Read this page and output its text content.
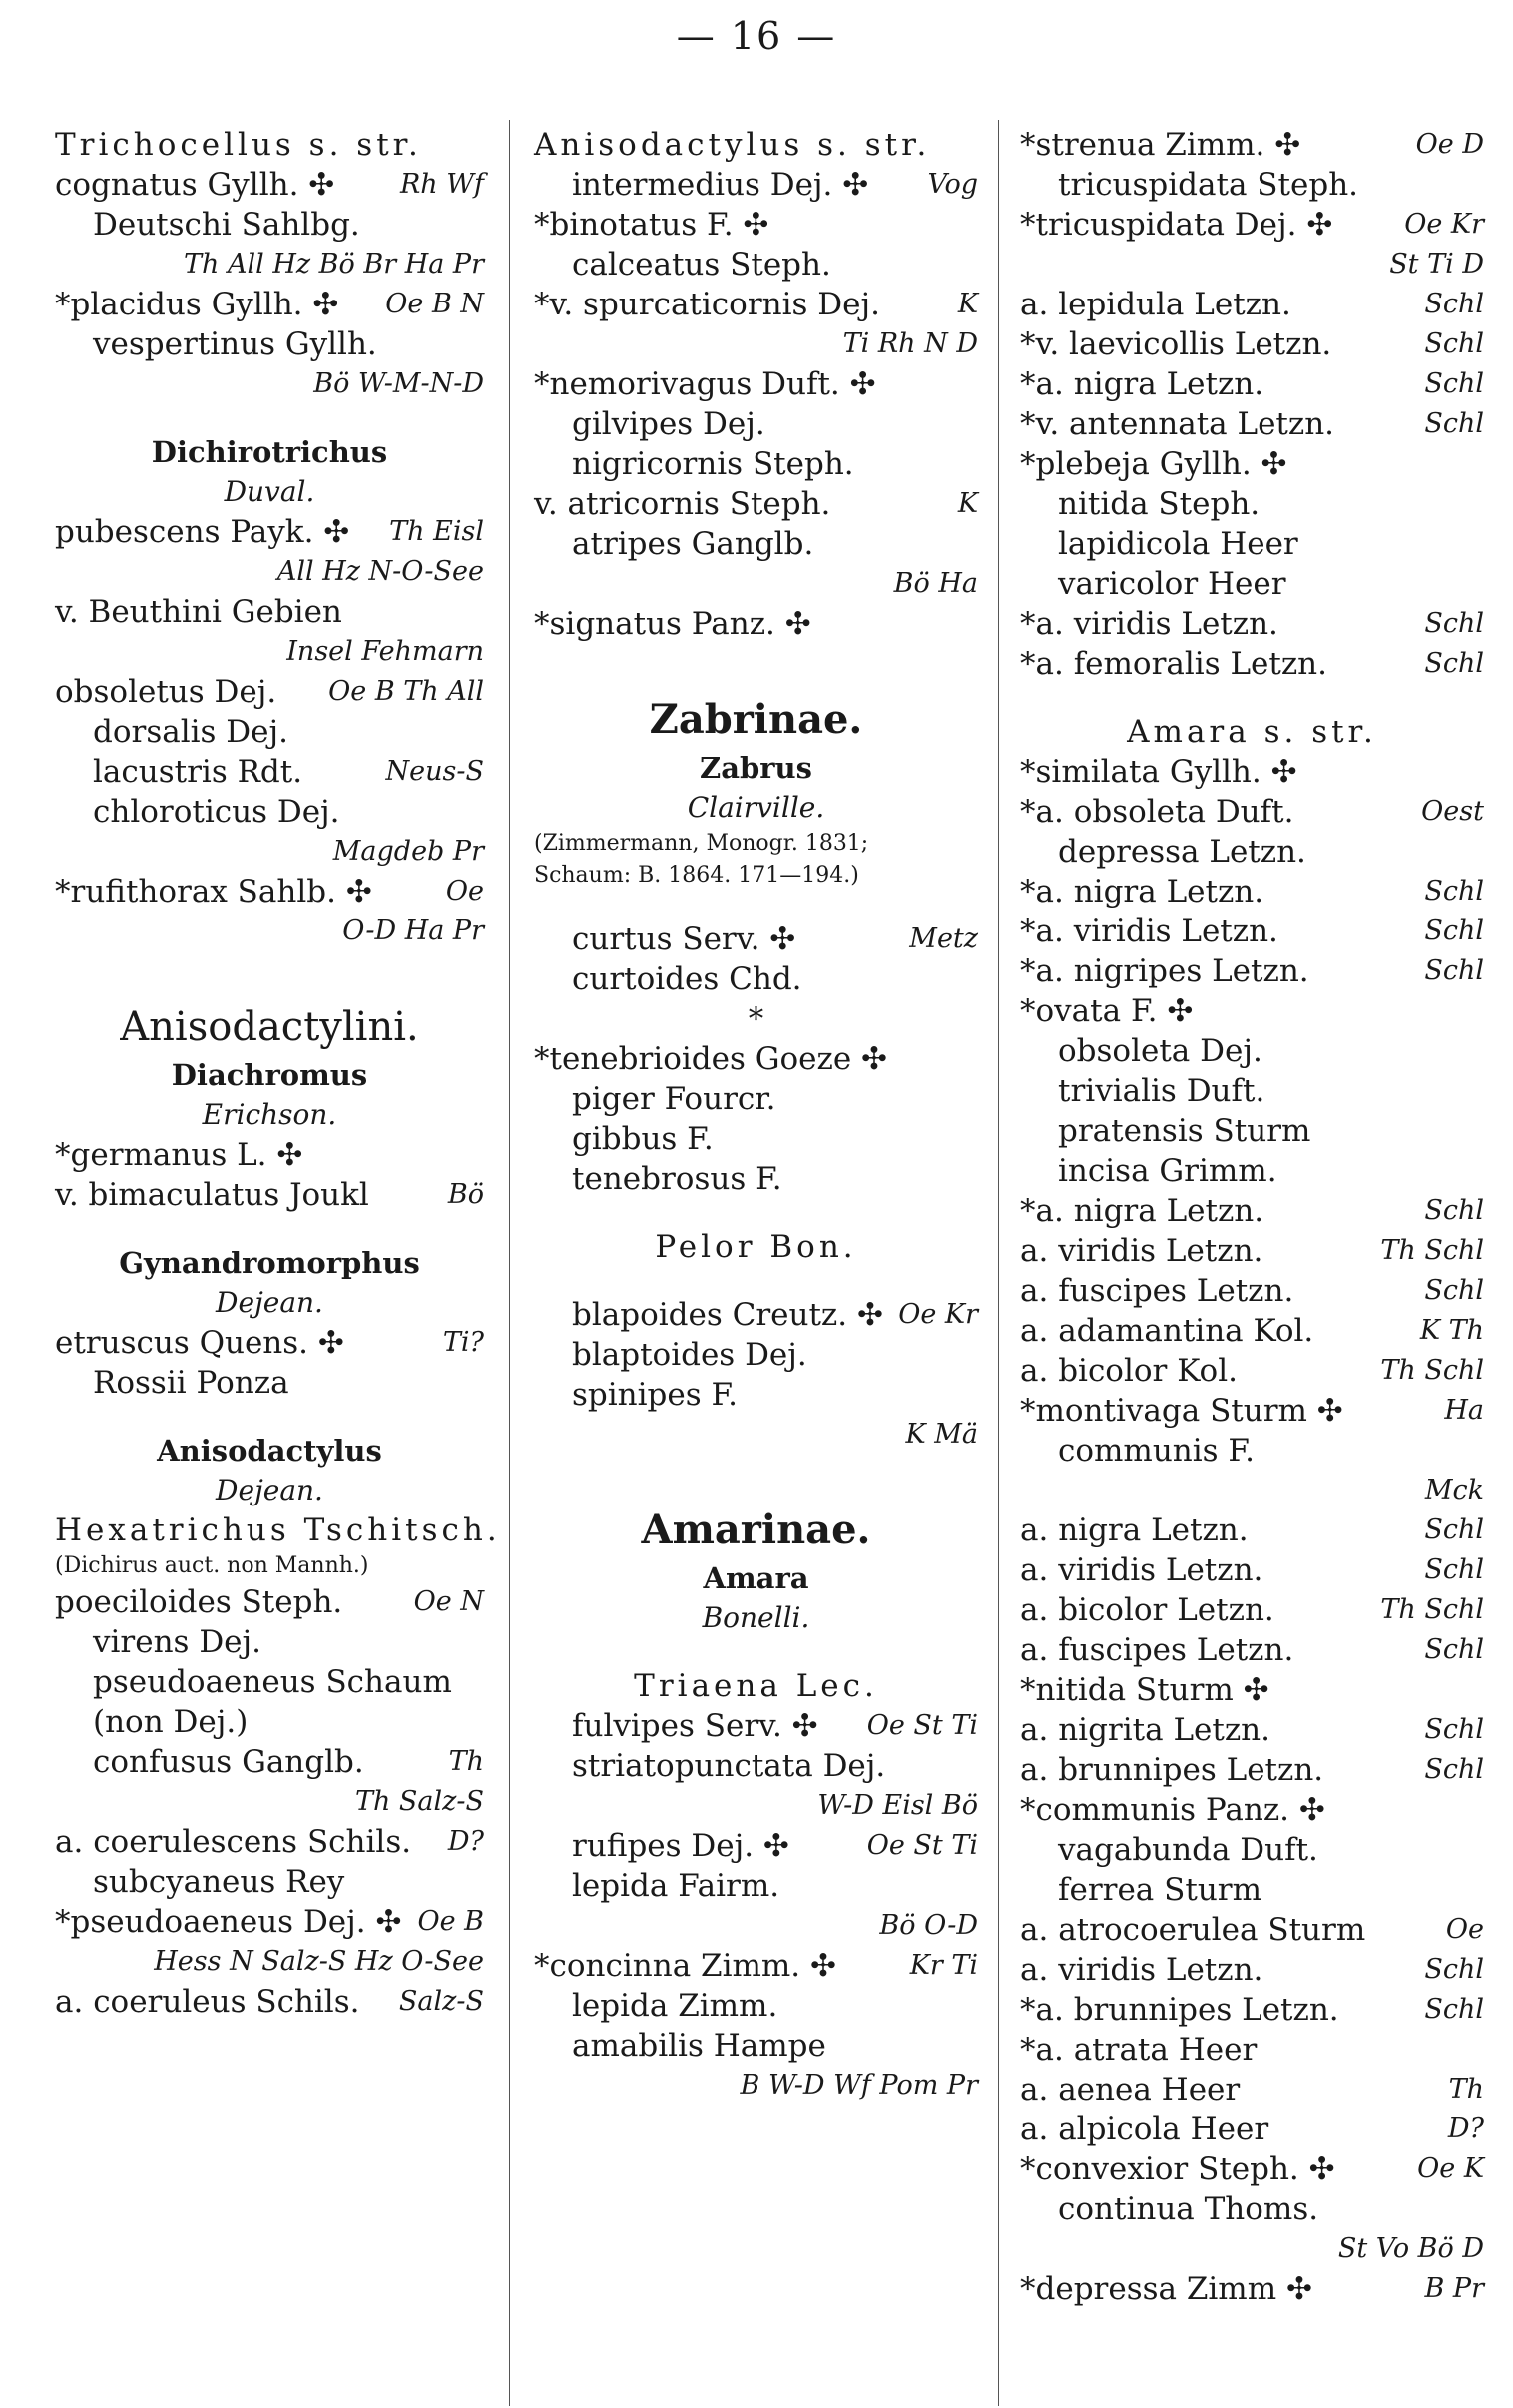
— 16 —
Trichocellus s. str.
cognatus Gyllh. ✣ Rh Wf
Deutschi Sahlbg.
Th All Hz Bö Br Ha Pr
*placidus Gyllh. ✣ Oe B N
vespertinus Gyllh.
Bö W-M-N-D
Dichirotrichus
Duval.
pubescens Payk. ✣ Th Eisl
All Hz N-O-See
v. Beuthini Gebien
Insel Fehmarn
obsoletus Dej. Oe B Th All
dorsalis Dej.
lacustris Rdt.	Neus-S
chloroticus Dej.
Magdeb Pr
*rufithorax Sahlb. ✣	Oe
O-D Ha Pr
Anisodactylini.
Diachromus
Erichson.
*germanus L. ✣
v. bimaculatus Joukl	Bö
Gynandromorphus
Dejean.
etruscus Quens. ✣	Ti?
Rossii Ponza
Anisodactylus
Dejean.
Hexatrichus Tschitsch.
(Dichirus auct. non Mannh.)
poeciloides Steph.	Oe N
virens Dej.
pseudoaeneus Schaum
(non Dej.)
confusus Ganglb.	Th
Th Salz-S
a. coerulescens Schils. D?
subcyaneus Rey
*pseudoaeneus Dej. ✣ Oe B
Hess N Salz-S Hz O-See
a. coeruleus Schils. Salz-S
Anisodactylus s. str.
intermedius Dej. ✣ Vog
*binotatus F. ✣
calceatus Steph.
*v. spurcaticornis Dej.	K
Ti Rh N D
*nemorivagus Duft. ✣
gilvipes Dej.
nigricornis Steph.
v. atricornis Steph.	K
atripes Ganglb.
Bö Ha
*signatus Panz. ✣
Zabrinae.
Zabrus
Clairville.
(Zimmermann, Monogr. 1831;
Schaum: B. 1864. 171—194.)
curtus Serv. ✣	Metz
curtoides Chd.
*
*tenebrioides Goeze ✣
piger Fourcr.
gibbus F.
tenebrosus F.
Pelor Bon.
blapoides Creutz. ✣ Oe Kr
blaptoides Dej.
spinipes F.
K Mä
Amarinae.
Amara
Bonelli.
Triaena Lec.
fulvipes Serv. ✣ Oe St Ti
striatopunctata Dej.
W-D Eisl Bö
rufipes Dej. ✣	Oe St Ti
lepida Fairm.
Bö O-D
*concinna Zimm. ✣	Kr Ti
lepida Zimm.
amabilis Hampe
B W-D Wf Pom Pr
*strenua Zimm. ✣	Oe D
tricuspidata Steph.
*tricuspidata Dej. ✣	Oe Kr
St Ti D
a. lepidula Letzn.	Schl
*v. laevicollis Letzn.	Schl
*a. nigra Letzn.	Schl
*v. antennata Letzn.	Schl
*plebeja Gyllh. ✣
nitida Steph.
lapidicola Heer
varicolor Heer
*a. viridis Letzn.	Schl
*a. femoralis Letzn.	Schl
Amara s. str.
*similata Gyllh. ✣
*a. obsoleta Duft.	Oest
depressa Letzn.
*a. nigra Letzn.	Schl
*a. viridis Letzn.	Schl
*a. nigripes Letzn.	Schl
*ovata F. ✣
obsoleta Dej.
trivialis Duft.
pratensis Sturm
incisa Grimm.
*a. nigra Letzn.	Schl
a. viridis Letzn.	Th Schl
a. fuscipes Letzn.	Schl
a. adamantina Kol.	K Th
a. bicolor Kol.	Th Schl
*montivaga Sturm ✣	Ha
communis F.
Mck
a. nigra Letzn.	Schl
a. viridis Letzn.	Schl
a. bicolor Letzn.	Th Schl
a. fuscipes Letzn.	Schl
*nitida Sturm ✣
a. nigrita Letzn.	Schl
a. brunnipes Letzn.	Schl
*communis Panz. ✣
vagabunda Duft.
ferrea Sturm
a. atrocoerulea Sturm	Oe
a. viridis Letzn.	Schl
*a. brunnipes Letzn.	Schl
*a. atrata Heer
a. aenea Heer	Th
a. alpicola Heer	D?
*convexior Steph. ✣	Oe K
continua Thoms.
St Vo Bö D
*depressa Zimm ✣	B Pr
